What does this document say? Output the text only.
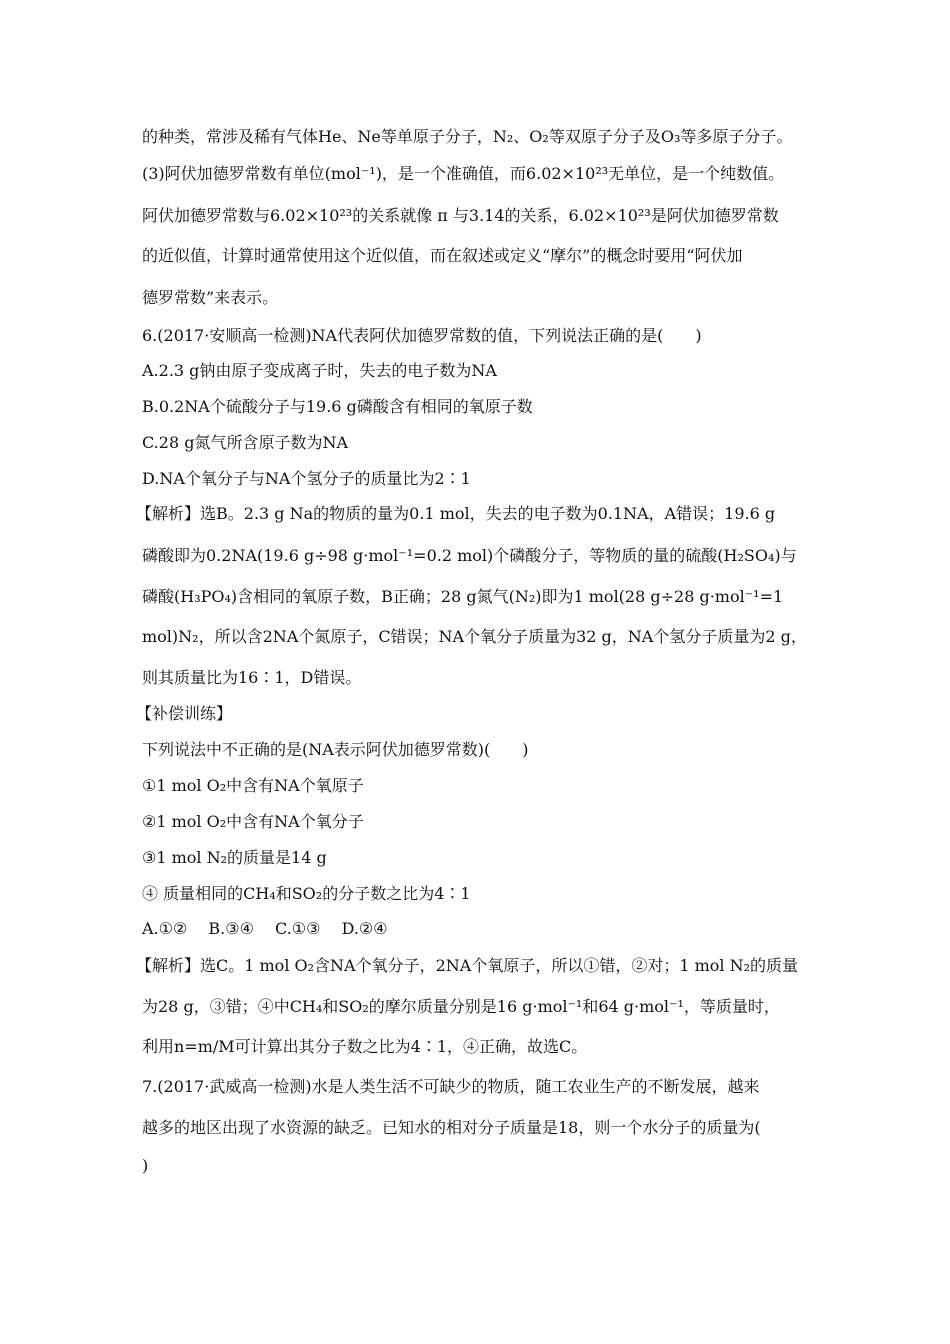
的种类，常涉及稀有气体He、Ne等单原子分子，N₂、O₂等双原子分子及O₃等多原子分子。
(3)阿伏加德罗常数有单位(mol⁻¹)，是一个准确值，而6.02×10²³无单位，是一个纯数值。
阿伏加德罗常数与6.02×10²³的关系就像 π 与3.14的关系，6.02×10²³是阿伏加德罗常数
的近似值，计算时通常使用这个近似值，而在叙述或定义“摩尔”的概念时要用“阿伏加
德罗常数”来表示。
6.(2017·安顺高一检测)NA代表阿伏加德罗常数的值，下列说法正确的是(　　)
A.2.3 g钠由原子变成离子时，失去的电子数为NA
B.0.2NA个硫酸分子与19.6 g磷酸含有相同的氧原子数
C.28 g氮气所含原子数为NA
D.NA个氧分子与NA个氢分子的质量比为2∶1
【解析】选B。2.3 g Na的物质的量为0.1 mol，失去的电子数为0.1NA，A错误；19.6 g
磷酸即为0.2NA(19.6 g÷98 g·mol⁻¹=0.2 mol)个磷酸分子，等物质的量的硫酸(H₂SO₄)与
磷酸(H₃PO₄)含相同的氧原子数，B正确；28 g氮气(N₂)即为1 mol(28 g÷28 g·mol⁻¹=1
mol)N₂，所以含2NA个氮原子，C错误；NA个氧分子质量为32 g，NA个氢分子质量为2 g，
则其质量比为16∶1，D错误。
【补偿训练】
下列说法中不正确的是(NA表示阿伏加德罗常数)(　　)
①1 mol O₂中含有NA个氧原子
②1 mol O₂中含有NA个氧分子
③1 mol N₂的质量是14 g
④ 质量相同的CH₄和SO₂的分子数之比为4∶1
A.①②　 B.③④　 C.①③　 D.②④
【解析】选C。1 mol O₂含NA个氧分子，2NA个氧原子，所以①错，②对；1 mol N₂的质量
为28 g，③错；④中CH₄和SO₂的摩尔质量分别是16 g·mol⁻¹和64 g·mol⁻¹，等质量时，
利用n=m/M可计算出其分子数之比为4∶1，④正确，故选C。
7.(2017·武威高一检测)水是人类生活不可缺少的物质，随工农业生产的不断发展，越来
越多的地区出现了水资源的缺乏。已知水的相对分子质量是18，则一个水分子的质量为(
)
